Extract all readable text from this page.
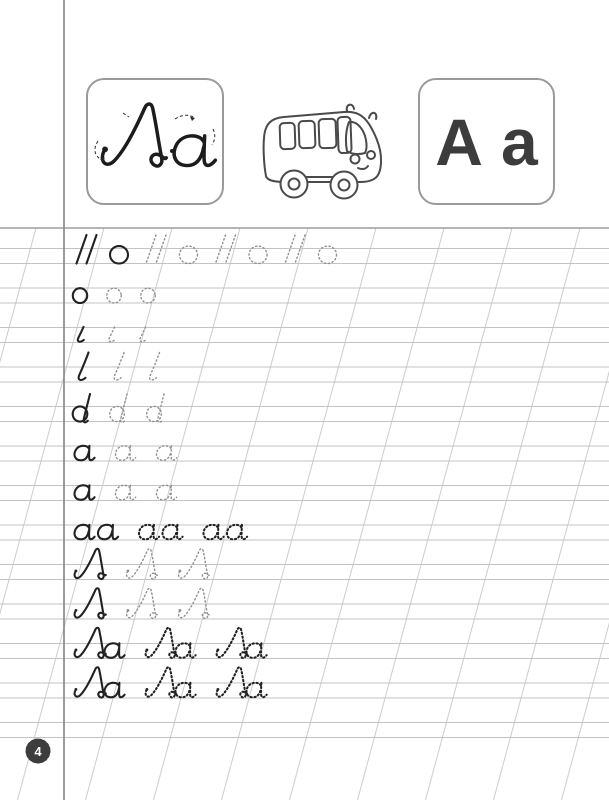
A a
4
